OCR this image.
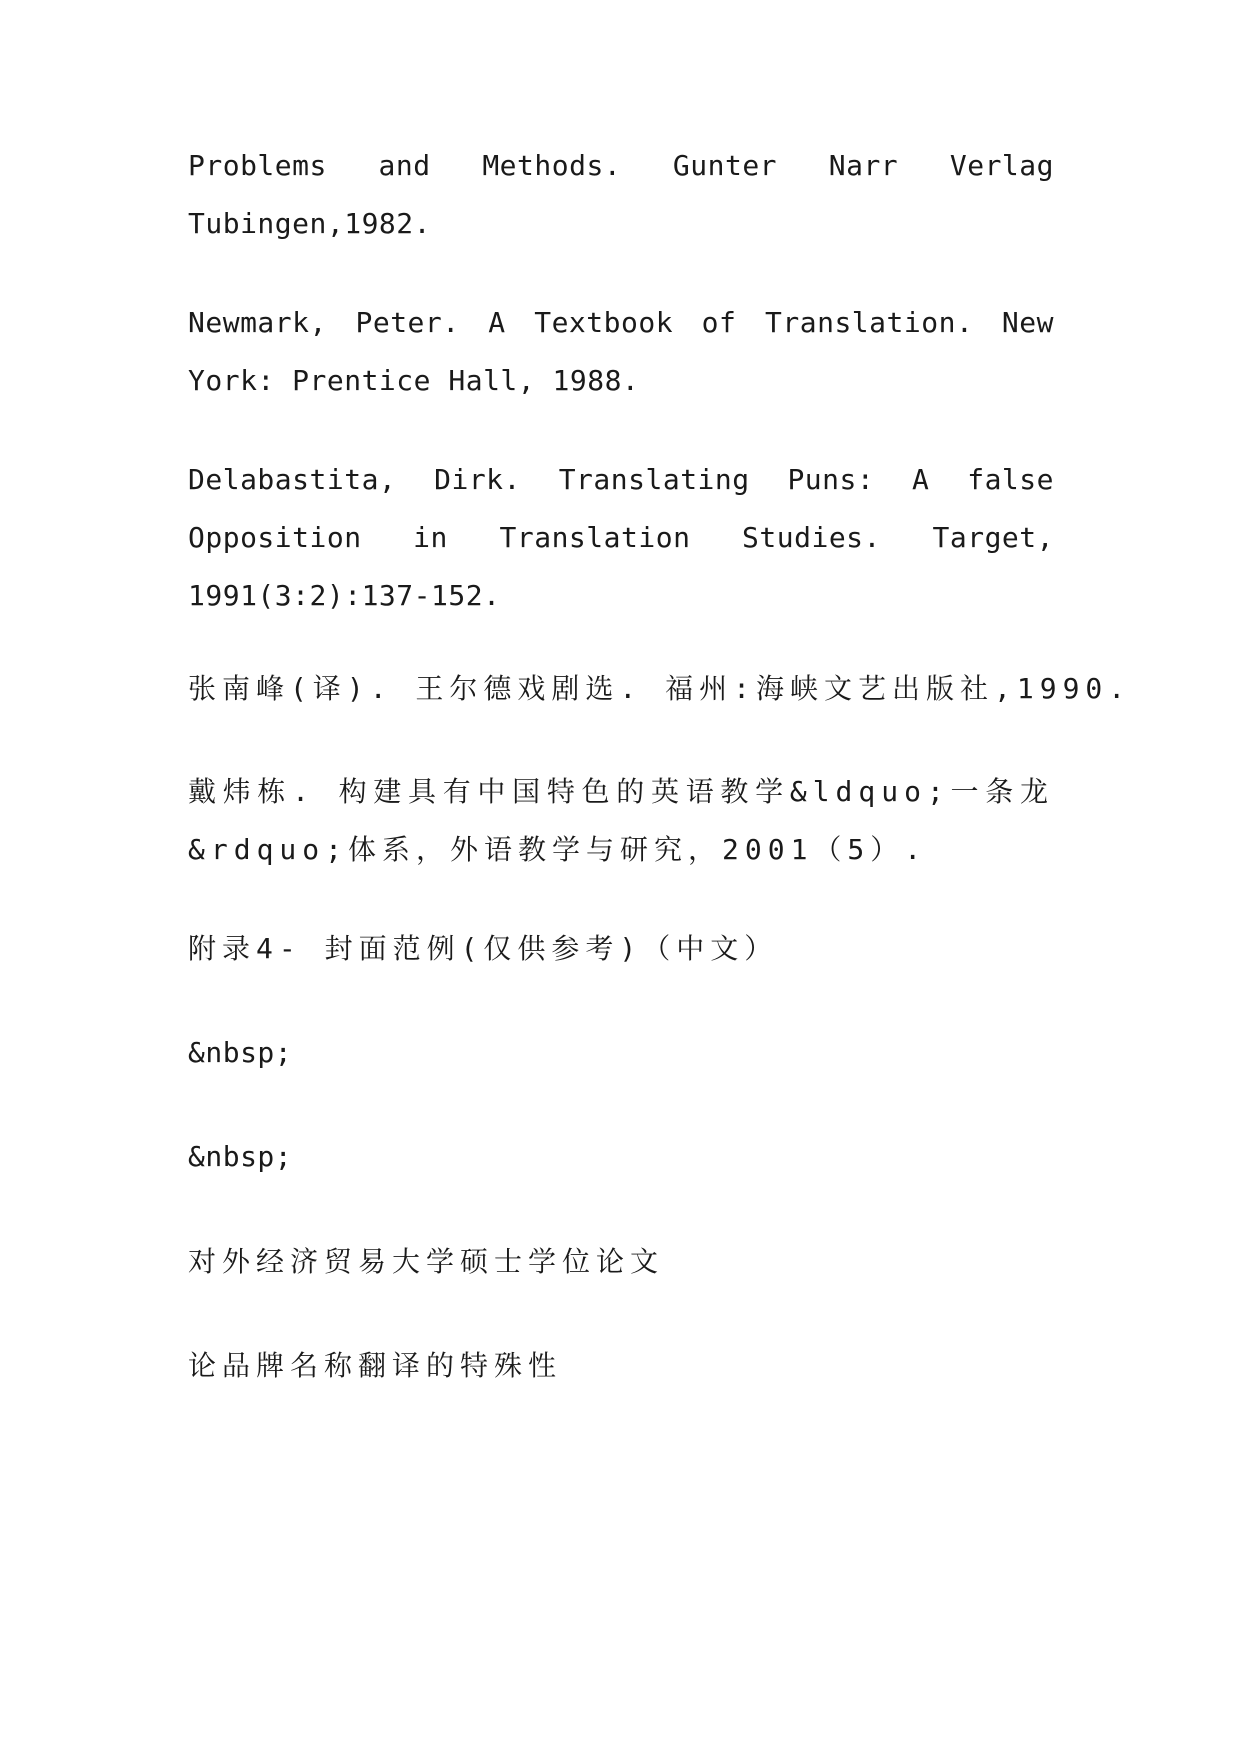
Problems and Methods. Gunter Narr Verlag Tubingen,1982.

Newmark, Peter. A Textbook of Translation. New York: Prentice Hall, 1988.

Delabastita, Dirk. Translating Puns: A false Opposition in Translation Studies. Target, 1991(3:2):137-152.

张南峰(译). 王尔德戏剧选. 福州:海峡文艺出版社,1990.

戴炜栋. 构建具有中国特色的英语教学&ldquo;一条龙&rdquo;体系，外语教学与研究，2001（5）.

附录4- 封面范例(仅供参考)（中文）

&nbsp;

&nbsp;

对外经济贸易大学硕士学位论文

论品牌名称翻译的特殊性
